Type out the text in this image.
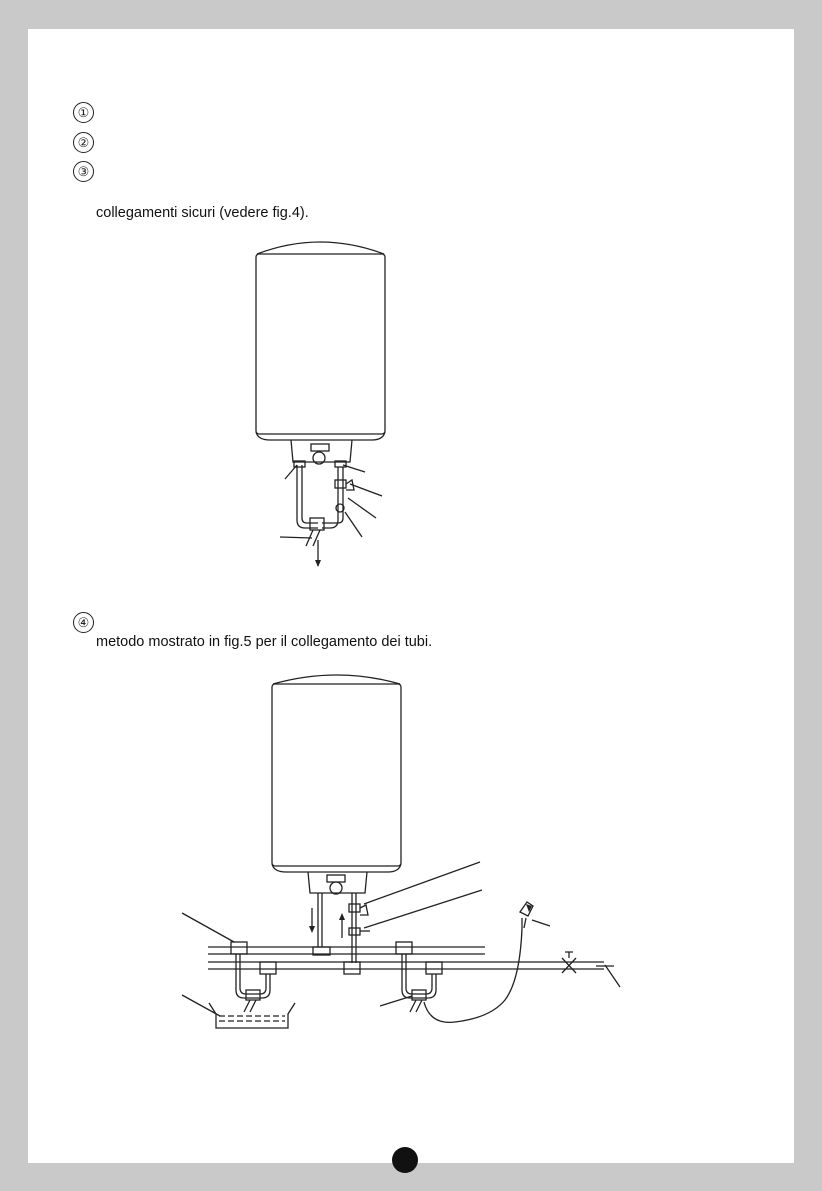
①
②
③
collegamenti sicuri (vedere fig.4).
④
metodo mostrato in fig.5 per il collegamento dei tubi.
